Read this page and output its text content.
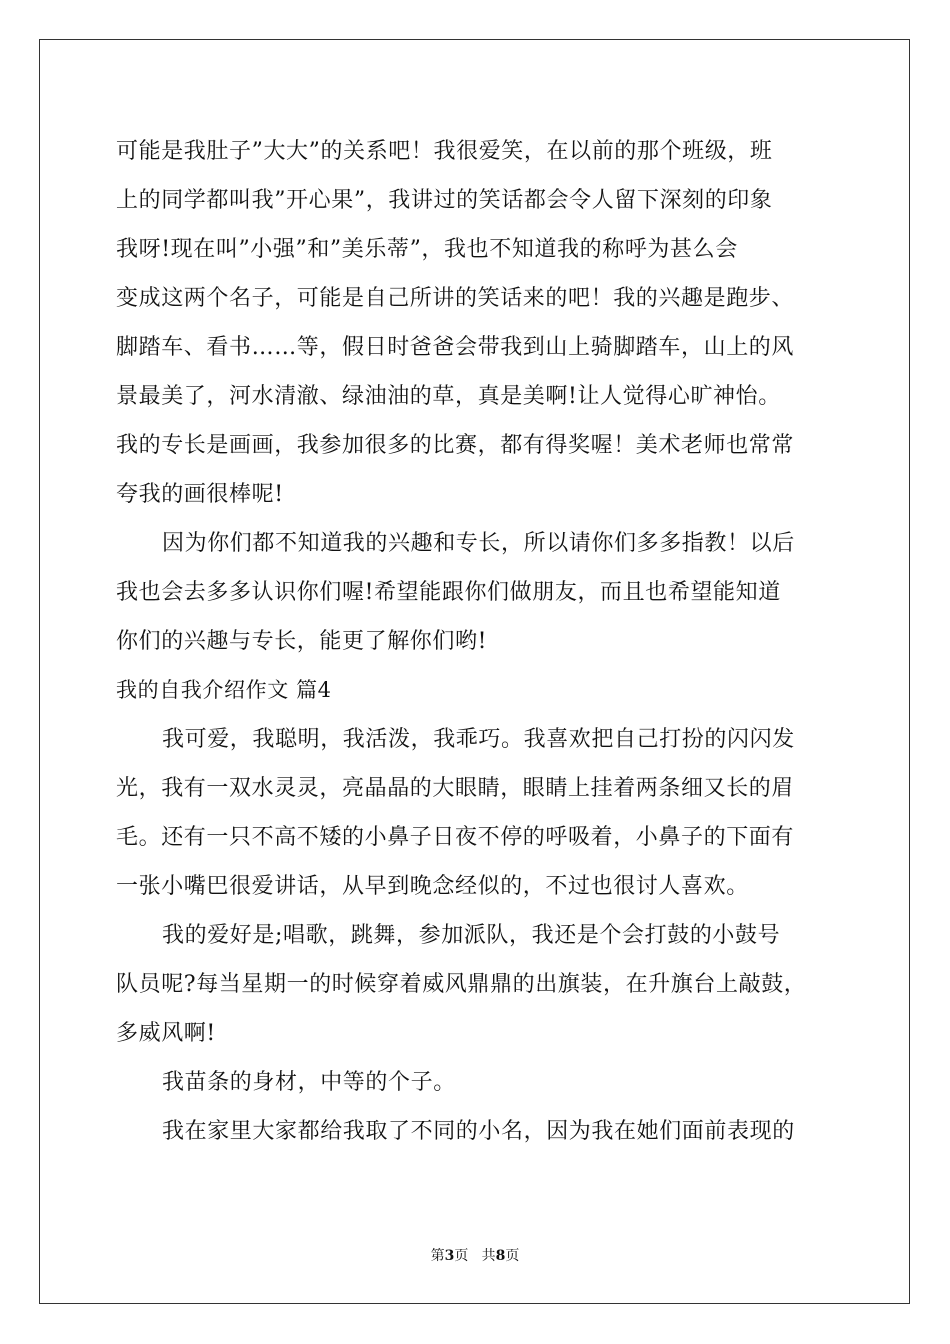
可能是我肚子”大大”的关系吧！我很爱笑，在以前的那个班级，班
上的同学都叫我”开心果”，我讲过的笑话都会令人留下深刻的印象
我呀!现在叫”小强”和”美乐蒂”，我也不知道我的称呼为甚么会
变成这两个名子，可能是自己所讲的笑话来的吧！我的兴趣是跑步、
脚踏车、看书……等，假日时爸爸会带我到山上骑脚踏车，山上的风
景最美了，河水清澈、绿油油的草，真是美啊!让人觉得心旷神怡。
我的专长是画画，我参加很多的比赛，都有得奖喔！美术老师也常常
夸我的画很棒呢!
因为你们都不知道我的兴趣和专长，所以请你们多多指教！以后
我也会去多多认识你们喔!希望能跟你们做朋友，而且也希望能知道
你们的兴趣与专长，能更了解你们哟!
我的自我介绍作文 篇4
我可爱，我聪明，我活泼，我乖巧。我喜欢把自己打扮的闪闪发
光，我有一双水灵灵，亮晶晶的大眼睛，眼睛上挂着两条细又长的眉
毛。还有一只不高不矮的小鼻子日夜不停的呼吸着，小鼻子的下面有
一张小嘴巴很爱讲话，从早到晚念经似的，不过也很讨人喜欢。
我的爱好是;唱歌，跳舞，参加派队，我还是个会打鼓的小鼓号
队员呢?每当星期一的时候穿着威风鼎鼎的出旗装，在升旗台上敲鼓，
多威风啊!
我苗条的身材，中等的个子。
我在家里大家都给我取了不同的小名，因为我在她们面前表现的
第3页 共8页
